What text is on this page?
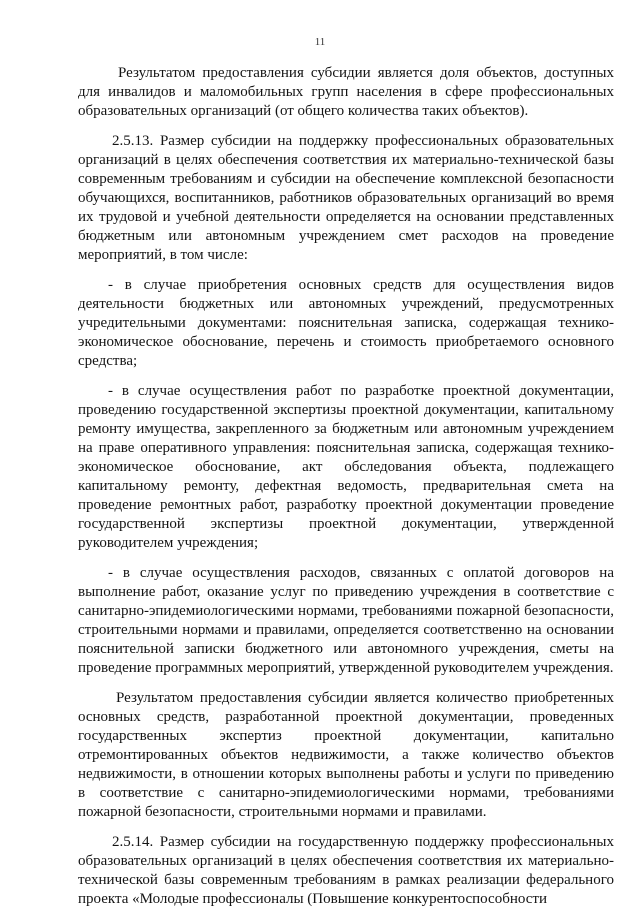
11

Результатом предоставления субсидии является доля объектов, доступных для инвалидов и маломобильных групп населения в сфере профессиональных образовательных организаций (от общего количества таких объектов).

2.5.13. Размер субсидии на поддержку профессиональных образовательных организаций в целях обеспечения соответствия их материально-технической базы современным требованиям и субсидии на обеспечение комплексной безопасности обучающихся, воспитанников, работников образовательных организаций во время их трудовой и учебной деятельности определяется на основании представленных бюджетным или автономным учреждением смет расходов на проведение мероприятий, в том числе:

- в случае приобретения основных средств для осуществления видов деятельности бюджетных или автономных учреждений, предусмотренных учредительными документами: пояснительная записка, содержащая технико-экономическое обоснование, перечень и стоимость приобретаемого основного средства;

- в случае осуществления работ по разработке проектной документации, проведению государственной экспертизы проектной документации, капитальному ремонту имущества, закрепленного за бюджетным или автономным учреждением на праве оперативного управления: пояснительная записка, содержащая технико-экономическое обоснование, акт обследования объекта, подлежащего капитальному ремонту, дефектная ведомость, предварительная смета на проведение ремонтных работ, разработку проектной документации проведение государственной экспертизы проектной документации, утвержденной руководителем учреждения;

- в случае осуществления расходов, связанных с оплатой договоров на выполнение работ, оказание услуг по приведению учреждения в соответствие с санитарно-эпидемиологическими нормами, требованиями пожарной безопасности, строительными нормами и правилами, определяется соответственно на основании пояснительной записки бюджетного или автономного учреждения, сметы на проведение программных мероприятий, утвержденной руководителем учреждения.

Результатом предоставления субсидии является количество приобретенных основных средств, разработанной проектной документации, проведенных государственных экспертиз проектной документации, капитально отремонтированных объектов недвижимости, а также количество объектов недвижимости, в отношении которых выполнены работы и услуги по приведению в соответствие с санитарно-эпидемиологическими нормами, требованиями пожарной безопасности, строительными нормами и правилами.

2.5.14. Размер субсидии на государственную поддержку профессиональных образовательных организаций в целях обеспечения соответствия их материально-технической базы современным требованиям в рамках реализации федерального проекта «Молодые профессионалы (Повышение конкурентоспособности
